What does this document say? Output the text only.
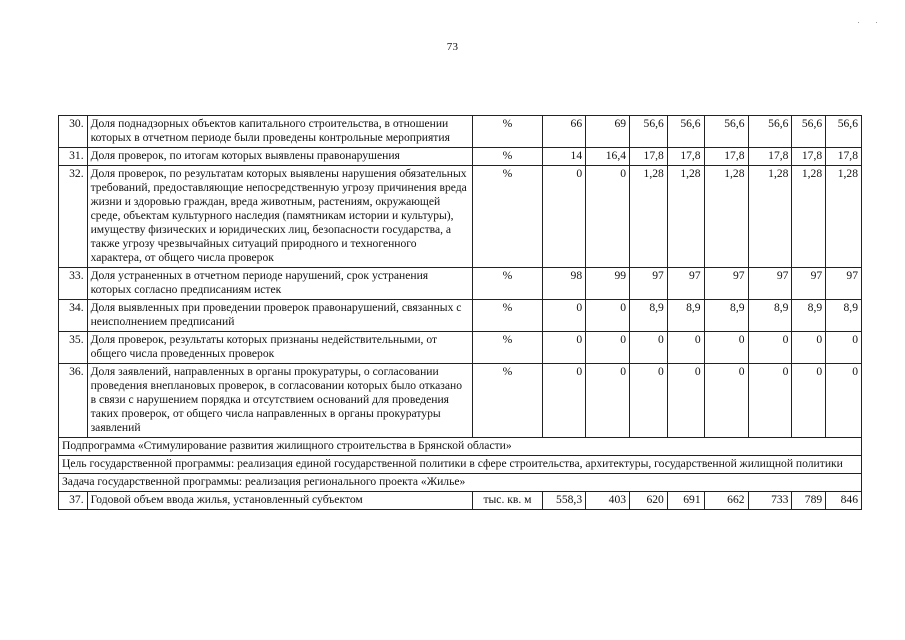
73
30.	Доля поднадзорных объектов капитального строительства, в отношении которых в отчетном периоде были проведены контрольные мероприятия	%	66	69	56,6	56,6	56,6	56,6	56,6	56,6
31.	Доля проверок, по итогам которых выявлены правонарушения	%	14	16,4	17,8	17,8	17,8	17,8	17,8	17,8
32.	Доля проверок, по результатам которых выявлены нарушения обязательных требований, предоставляющие непосредственную угрозу причинения вреда жизни и здоровью граждан, вреда животным, растениям, окружающей среде, объектам культурного наследия (памятникам истории и культуры), имуществу физических и юридических лиц, безопасности государства, а также угрозу чрезвычайных ситуаций природного и техногенного характера, от общего числа проверок	%	0	0	1,28	1,28	1,28	1,28	1,28	1,28
33.	Доля устраненных в отчетном периоде нарушений, срок устранения которых согласно предписаниям истек	%	98	99	97	97	97	97	97	97
34.	Доля выявленных при проведении проверок правонарушений, связанных с неисполнением предписаний	%	0	0	8,9	8,9	8,9	8,9	8,9	8,9
35.	Доля проверок, результаты которых признаны недействительными, от общего числа проведенных проверок	%	0	0	0	0	0	0	0	0
36.	Доля заявлений, направленных в органы прокуратуры, о согласовании проведения внеплановых проверок, в согласовании которых было отказано в связи с нарушением порядка и отсутствием оснований для проведения таких проверок, от общего числа направленных в органы прокуратуры заявлений	%	0	0	0	0	0	0	0	0
Подпрограмма «Стимулирование развития жилищного строительства в Брянской области»										
Цель государственной программы: реализация единой государственной политики в сфере строительства, архитектуры, государственной жилищной политики										
Задача государственной программы: реализация регионального проекта «Жилье»										
37.	Годовой объем ввода жилья, установленный субъектом	тыс. кв. м	558,3	403	620	691	662	733	789	846
